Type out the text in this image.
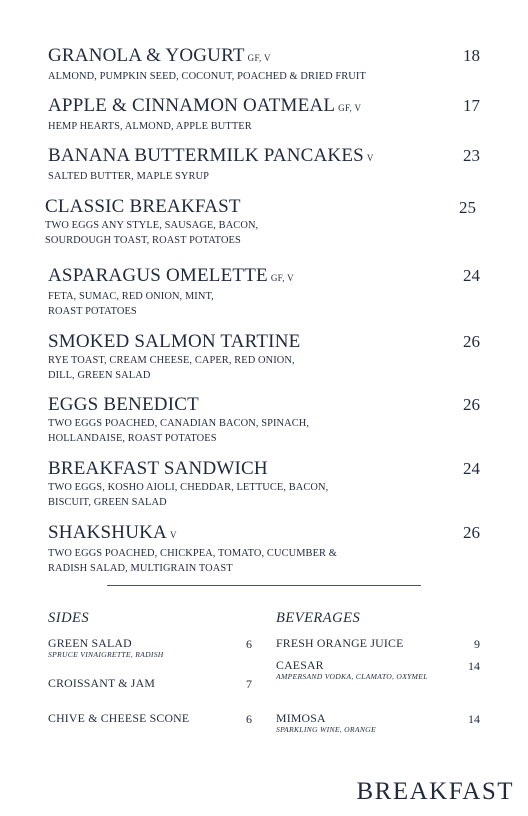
GRANOLA & YOGURT GF, V
ALMOND, PUMPKIN SEED, COCONUT, POACHED & DRIED FRUIT
18
APPLE & CINNAMON OATMEAL GF, V
HEMP HEARTS, ALMOND, APPLE BUTTER
17
BANANA BUTTERMILK PANCAKES V
SALTED BUTTER, MAPLE SYRUP
23
CLASSIC BREAKFAST
TWO EGGS ANY STYLE, SAUSAGE, BACON,
SOURDOUGH TOAST, ROAST POTATOES
25
ASPARAGUS OMELETTE GF, V
FETA, SUMAC, RED ONION, MINT,
ROAST POTATOES
24
SMOKED SALMON TARTINE
RYE TOAST, CREAM CHEESE, CAPER, RED ONION,
DILL, GREEN SALAD
26
EGGS BENEDICT
TWO EGGS POACHED, CANADIAN BACON, SPINACH,
HOLLANDAISE, ROAST POTATOES
26
BREAKFAST SANDWICH
TWO EGGS, KOSHO AIOLI, CHEDDAR, LETTUCE, BACON,
BISCUIT, GREEN SALAD
24
SHAKSHUKA V
TWO EGGS POACHED, CHICKPEA, TOMATO, CUCUMBER &
RADISH SALAD, MULTIGRAIN TOAST
26
SIDES
GREEN SALAD
SPRUCE VINAIGRETTE, RADISH
6
CROISSANT & JAM	7
CHIVE & CHEESE SCONE	6
BEVERAGES
FRESH ORANGE JUICE	9
CAESAR
AMPERSAND VODKA, CLAMATO, OXYMEL
14
MIMOSA
SPARKLING WINE, ORANGE
14
BREAKFAST
